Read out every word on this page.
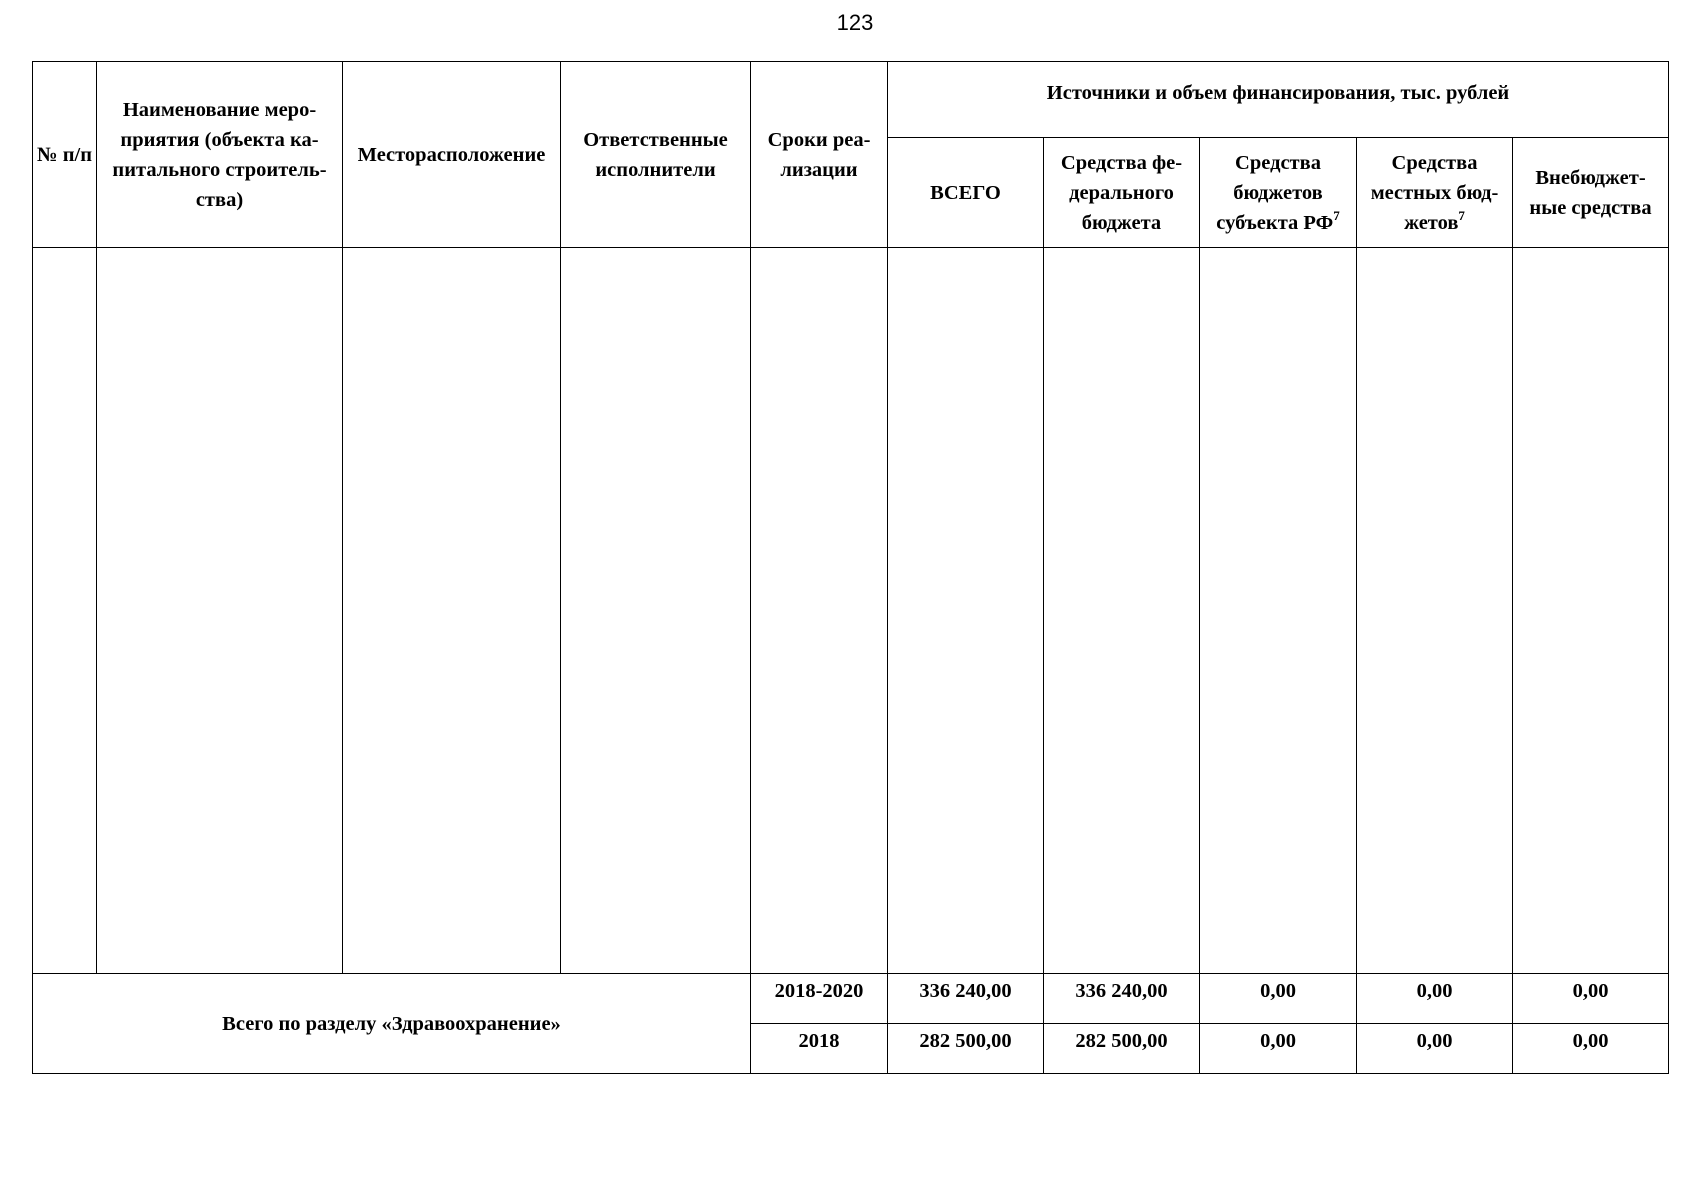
123
№ п/п	Наименование меро-приятия (объекта ка-питального строитель-ства)	Месторасположение	Ответственные исполнители	Сроки реа-лизации	Источники и объем финансирования, тыс. рублей				
					ВСЕГО	Средства фе-дерального бюджета	Средства бюджетов субъекта $РФ^7$	Средства местных бюд-жетов$^7$	Внебюджет-ные средства

Всего по разделу «Здравоохранение»				2018-2020	336 240,00	336 240,00	0,00	0,00	0,00
				2018	282 500,00	282 500,00	0,00	0,00	0,00
